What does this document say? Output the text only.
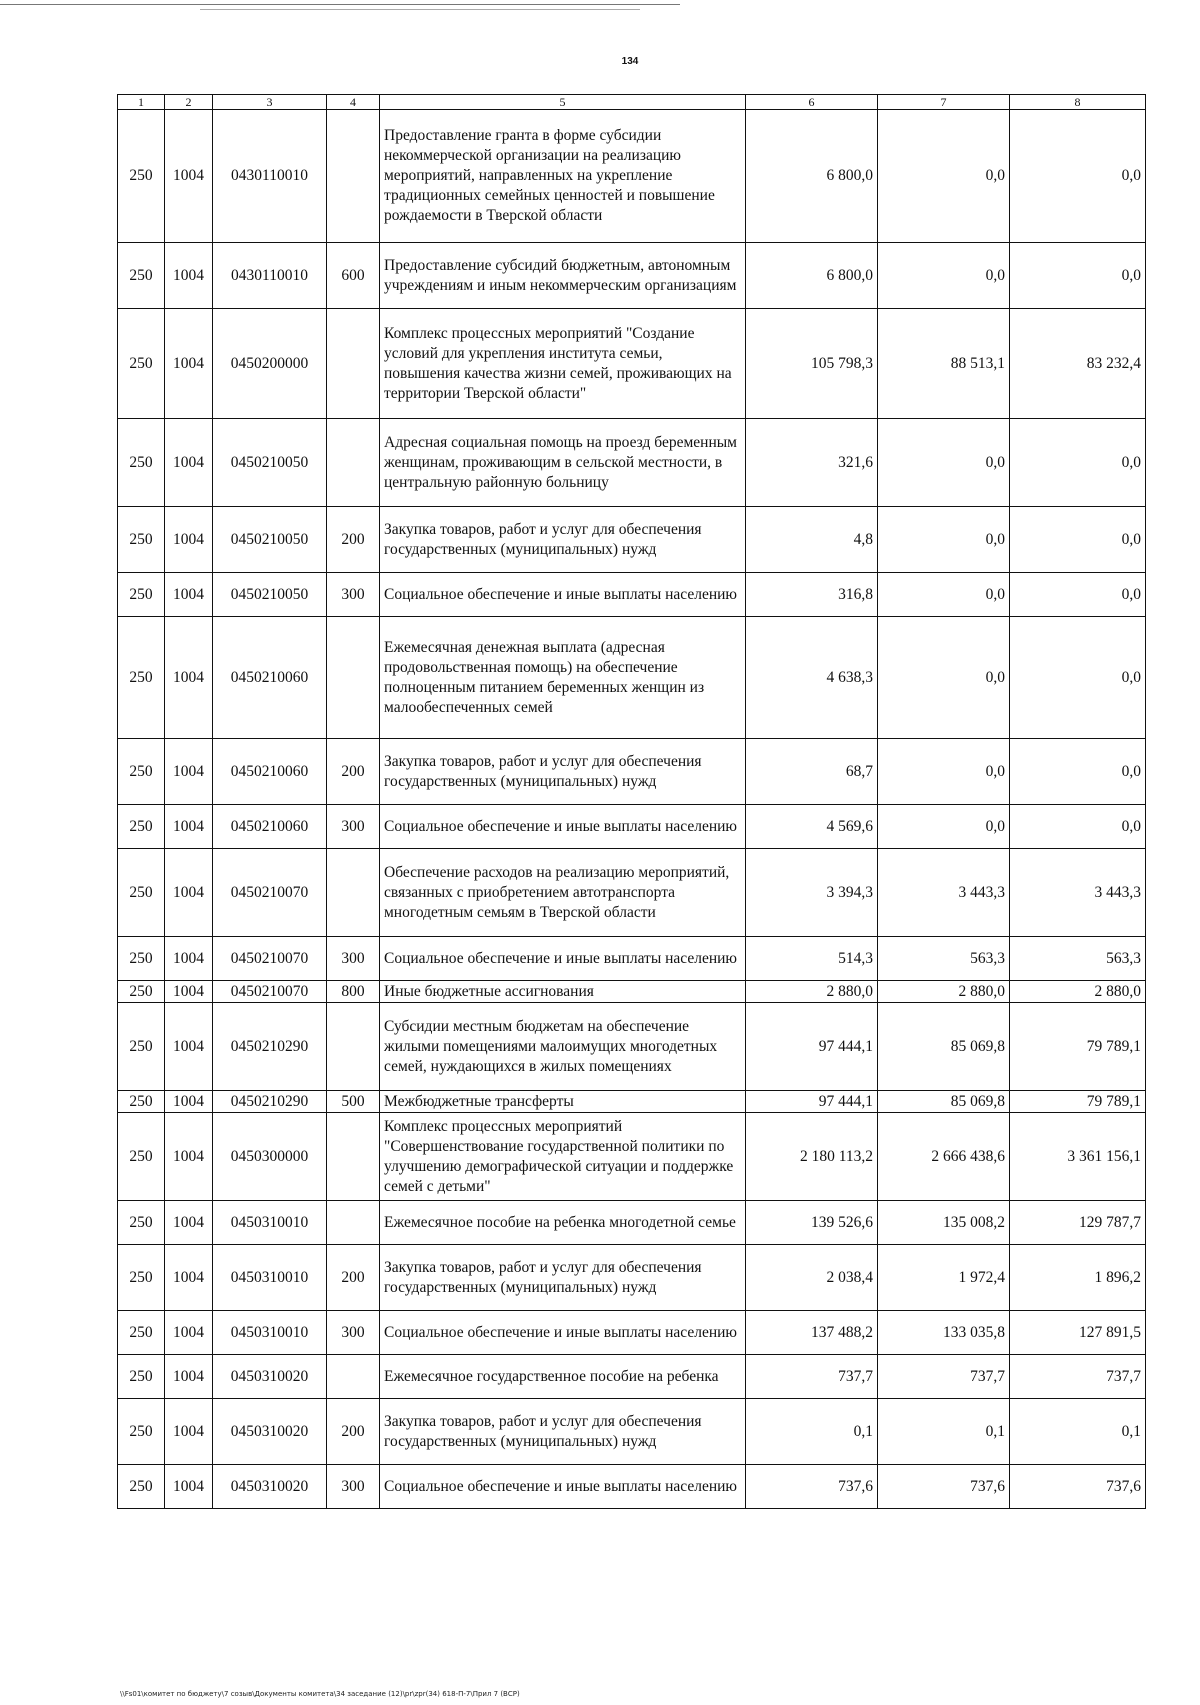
134
1	2	3	4	5	6	7	8
250	1004	0430110010		Предоставление гранта в форме субсидии некоммерческой организации на реализацию мероприятий, направленных на укрепление традиционных семейных ценностей и повышение рождаемости в Тверской области	6 800,0	0,0	0,0
250	1004	0430110010	600	Предоставление субсидий бюджетным, автономным учреждениям и иным некоммерческим организациям	6 800,0	0,0	0,0
250	1004	0450200000		Комплекс процессных мероприятий "Создание условий для укрепления института семьи, повышения качества жизни семей, проживающих на территории Тверской области"	105 798,3	88 513,1	83 232,4
250	1004	0450210050		Адресная социальная помощь на проезд беременным женщинам, проживающим в сельской местности, в центральную районную больницу	321,6	0,0	0,0
250	1004	0450210050	200	Закупка товаров, работ и услуг для обеспечения государственных (муниципальных) нужд	4,8	0,0	0,0
250	1004	0450210050	300	Социальное обеспечение и иные выплаты населению	316,8	0,0	0,0
250	1004	0450210060		Ежемесячная денежная выплата (адресная продовольственная помощь) на обеспечение полноценным питанием беременных женщин из малообеспеченных семей	4 638,3	0,0	0,0
250	1004	0450210060	200	Закупка товаров, работ и услуг для обеспечения государственных (муниципальных) нужд	68,7	0,0	0,0
250	1004	0450210060	300	Социальное обеспечение и иные выплаты населению	4 569,6	0,0	0,0
250	1004	0450210070		Обеспечение расходов на реализацию мероприятий, связанных с приобретением автотранспорта многодетным семьям в Тверской области	3 394,3	3 443,3	3 443,3
250	1004	0450210070	300	Социальное обеспечение и иные выплаты населению	514,3	563,3	563,3
250	1004	0450210070	800	Иные бюджетные ассигнования	2 880,0	2 880,0	2 880,0
250	1004	0450210290		Субсидии местным бюджетам на обеспечение жилыми помещениями малоимущих многодетных семей, нуждающихся в жилых помещениях	97 444,1	85 069,8	79 789,1
250	1004	0450210290	500	Межбюджетные трансферты	97 444,1	85 069,8	79 789,1
250	1004	0450300000		Комплекс процессных мероприятий "Совершенствование государственной политики по улучшению демографической ситуации и поддержке семей с детьми"	2 180 113,2	2 666 438,6	3 361 156,1
250	1004	0450310010		Ежемесячное пособие на ребенка многодетной семье	139 526,6	135 008,2	129 787,7
250	1004	0450310010	200	Закупка товаров, работ и услуг для обеспечения государственных (муниципальных) нужд	2 038,4	1 972,4	1 896,2
250	1004	0450310010	300	Социальное обеспечение и иные выплаты населению	137 488,2	133 035,8	127 891,5
250	1004	0450310020		Ежемесячное государственное пособие на ребенка	737,7	737,7	737,7
250	1004	0450310020	200	Закупка товаров, работ и услуг для обеспечения государственных (муниципальных) нужд	0,1	0,1	0,1
250	1004	0450310020	300	Социальное обеспечение и иные выплаты населению	737,6	737,6	737,6
\\Fs01\комитет по бюджету\7 созыв\Документы комитета\34 заседание (12)\pr\zpr(34) 618-П-7\Прил 7 (ВСР)
